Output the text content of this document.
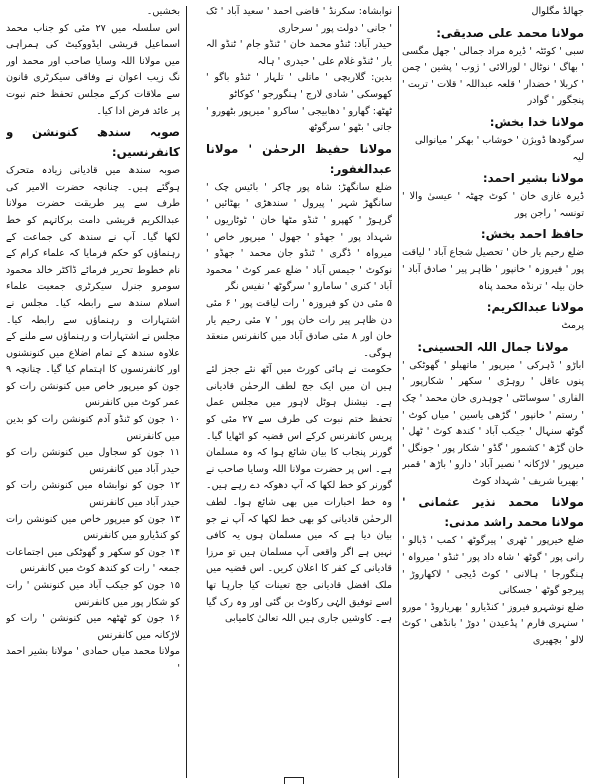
جھالڈ مگلوال

مولانا محمد علی صدیقی:

سبی ' کوئٹہ ' ڈیرہ مراد جمالی ' جھل مگسی ' بھاگ ' نوٹال ' لورالائی ' ژوب ' پشین ' چمن ' کربلا ' خضدار ' قلعہ عبداللہ ' قلات ' تربت ' پنجگور ' گوادر

مولانا خدا بخش:

سرگودھا ڈویژن ' خوشاب ' بھکر ' میانوالی

لیہ

مولانا بشیر احمد:

ڈیرہ غازی خان ' کوٹ چھٹہ ' عیسیٰ والا ' تونسہ ' راجن پور

حافظ احمد بخش:

ضلع رحیم یار خان ' تحصیل شجاع آباد ' لیاقت پور ' فیروزہ ' خانپور ' ظاہر پیر ' صادق آباد ' خان بیلہ ' ترنڈہ محمد پناہ

مولانا عبدالکریم:

پرمٹ

مولانا جمال اللہ الحسینی:

اباڑو ' ڈہرکی ' میرپور ' ماتھیلو ' گھوٹکی ' پنوں عاقل ' روہڑی ' سکھر ' شکارپور ' الفاری ' سوسائٹی ' چوہدری خان محمد ' چک ' رستم ' خانپور ' گڑھی یاسین ' میاں کوٹ ' گوٹھ سنہال ' جیکب آباد ' کندھ کوٹ ' ٹھل ' خان گڑھ ' کشمور ' گڈو ' شکار پور ' جونگل ' میرپور ' لاڑکانہ ' نصیر آباد ' دارو ' باڑھ ' قمبر ' بھیریا شریف ' شہداد کوٹ

مولانا محمد نذیر عثمانی ' مولانا محمد راشد مدنی:

ضلع خیرپور ' ٹھری ' پیرگوٹھ ' کمب ' ڈبالو ' رانی پور ' گوٹھ ' شاہ داد پور ' ٹنڈو ' میرواہ ' ہنگورجا ' ہالانی ' کوٹ ڈیجی ' لاکھاروڑ ' پیرجو گوٹھ ' جسکانی

ضلع نوشہرو فیروز ' کنڈیارو ' بھریاروڈ ' مورو ' سنہری فارم ' پڈعیدن ' دوڑ ' بانڈھی ' کوٹ لالو ' بچھیری

نوابشاہ: سکرنڈ ' قاضی احمد ' سعید آباد ' ٹک ' جانی ' دولت پور ' سرحاری

حیدر آباد: ٹنڈو محمد خان ' ٹنڈو جام ' ٹنڈو الہ یار ' ٹنڈو غلام علی ' حیدری ' ہالہ

بدین: گلاریچی ' ماتلی ' تلہار ' ٹنڈو باگو ' کھوسکی ' شادی لارج ' ہنگورجو ' کوکاٹو

ٹھٹھ: گھارو ' دھابیجی ' ساکرو ' میرپور بٹھورو ' جاتی ' بٹھو ' سرگوٹھ

مولانا حفیظ الرحمٰن ' مولانا عبدالغفور:

ضلع سانگھڑ: شاہ پور چاکر ' بائیس چک ' سانگھڑ شہر ' پیرول ' سندھڑی ' بھٹائیں ' گرہوڑ ' کھپرو ' ٹنڈو مٹھا خان ' ٹوٹاریوں ' شہداد پور ' جھڈو ' جھول ' میرپور خاص ' میرواہ ' ڈگری ' ٹنڈو جان محمد ' جھڈو ' نوکوٹ ' جیمس آباد ' ضلع عمر کوٹ ' محمود آباد ' کنری ' سامارو ' سرگوٹھ ' نفیس نگر

۵ مئی دن کو فیروزہ ' رات لیاقت پور ' ۶ مئی دن ظاہر پیر رات خان پور ' ۷ مئی رحیم یار خان اور ۸ مئی صادق آباد میں کانفرنس منعقد ہوگی۔

حکومت نے ہائی کورٹ میں آٹھ نئے ججز لئے ہیں ان میں ایک جج لطف الرحمٰن قادیانی ہے۔ نیشنل ہوٹل لاہور میں مجلس عمل تحفظ ختم نبوت کی طرف سے ۲۷ مئی کو پریس کانفرنس کرکے اس قضیہ کو اٹھایا گیا۔ گورنر پنجاب کا بیان شائع ہوا کہ وہ مسلمان ہے۔ اس پر حضرت مولانا اللہ وسایا صاحب نے گورنر کو خط لکھا کہ آپ دھوکہ دے رہے ہیں۔ وہ خط اخبارات میں بھی شائع ہوا۔ لطف الرحمٰن قادیانی کو بھی خط لکھا کہ آپ نے جو بیان دیا ہے کہ میں مسلمان ہوں یہ کافی نہیں ہے اگر واقعی آپ مسلمان ہیں تو مرزا قادیانی کے کفر کا اعلان کریں۔ اس قضیہ میں ملک افضل قادیانی جج تعینات کیا جارہا تھا اسے توفیق الہٰی رکاوٹ بن گئی اور وہ رک گیا ہے۔ کاوشیں جاری ہیں اللہ تعالیٰ کامیابی

بخشیں۔

اس سلسلہ میں ۲۷ مئی کو جناب محمد اسماعیل قریشی ایڈووکیٹ کی ہمراہی میں مولانا اللہ وسایا صاحب اور محمد اور نگ زیب اعوان نے وفاقی سیکرٹری قانون سے ملاقات کرکے مجلس تحفظ ختم نبوت پر عائد فرض ادا کیا۔

صوبہ سندھ کنونشن و کانفرنسیں:

صوبہ سندھ میں قادیانی زیادہ متحرک ہوگئے ہیں۔ چنانچہ حضرت الامیر کی طرف سے پیر طریقت حضرت مولانا عبدالکریم قریشی دامت برکاتہم کو خط لکھا گیا۔ آپ نے سندھ کی جماعت کے رہنماؤں کو حکم فرمایا کہ علماء کرام کے نام خطوط تحریر فرمائے ڈاکٹر خالد محمود سومرو جنرل سیکرٹری جمعیت علماء اسلام سندھ سے رابطہ کیا۔ مجلس نے اشتہارات و رہنماؤں سے رابطہ کیا۔ مجلس نے اشتہارات و رہنماؤں سے ملنے کے علاوہ سندھ کے تمام اضلاع میں کنونشنوں اور کانفرنسوں کا اہتمام کیا گیا۔ چنانچہ ۹ جون کو میرپور خاص میں کنونشن رات کو عمر کوٹ میں کانفرنس

۱۰ جون کو ٹنڈو آدم کنونشن رات کو بدین میں کانفرنس

۱۱ جون کو سجاول میں کنونشن رات کو حیدر آباد میں کانفرنس

۱۲ جون کو نوابشاہ میں کنونشن رات کو حیدر آباد میں کانفرنس

۱۳ جون کو میرپور خاص میں کنونشن رات کو کنڈیارو میں کانفرنس

۱۴ جون کو سکھر و گھوٹکی میں اجتماعات جمعہ ' رات کو کندھ کوٹ میں کانفرنس

۱۵ جون کو جیکب آباد میں کنونشن ' رات کو شکار پور میں کانفرنس

۱۶ جون کو ٹھٹھہ میں کنونشن ' رات کو لاڑکانہ میں کانفرنس

مولانا محمد میاں حمادی ' مولانا بشیر احمد '
